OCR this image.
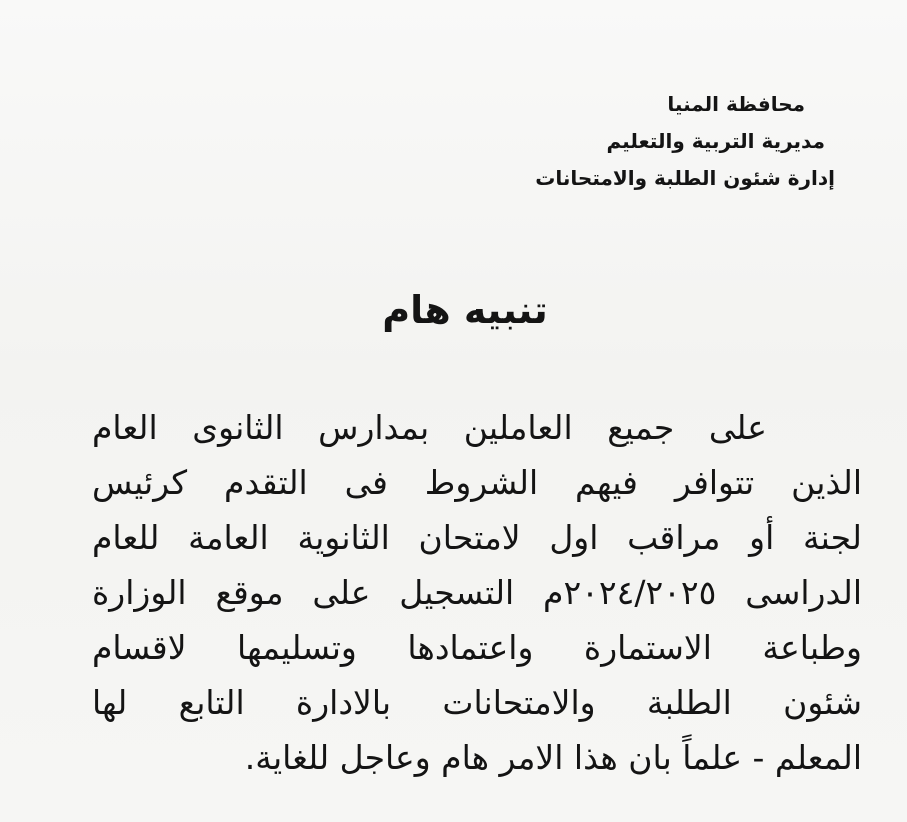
محافظة المنيا
مديرية التربية والتعليم
إدارة شئون الطلبة والامتحانات
تنبيه هام
على جميع العاملين بمدارس الثانوى العام
الذين تتوافر فيهم الشروط فى التقدم كرئيس
لجنة أو مراقب اول لامتحان الثانوية العامة للعام
الدراسى ٢٠٢٤/٢٠٢٥م التسجيل على موقع الوزارة
وطباعة الاستمارة واعتمادها وتسليمها لاقسام
شئون الطلبة والامتحانات بالادارة التابع لها
المعلم - علماً بان هذا الامر هام وعاجل للغاية.
